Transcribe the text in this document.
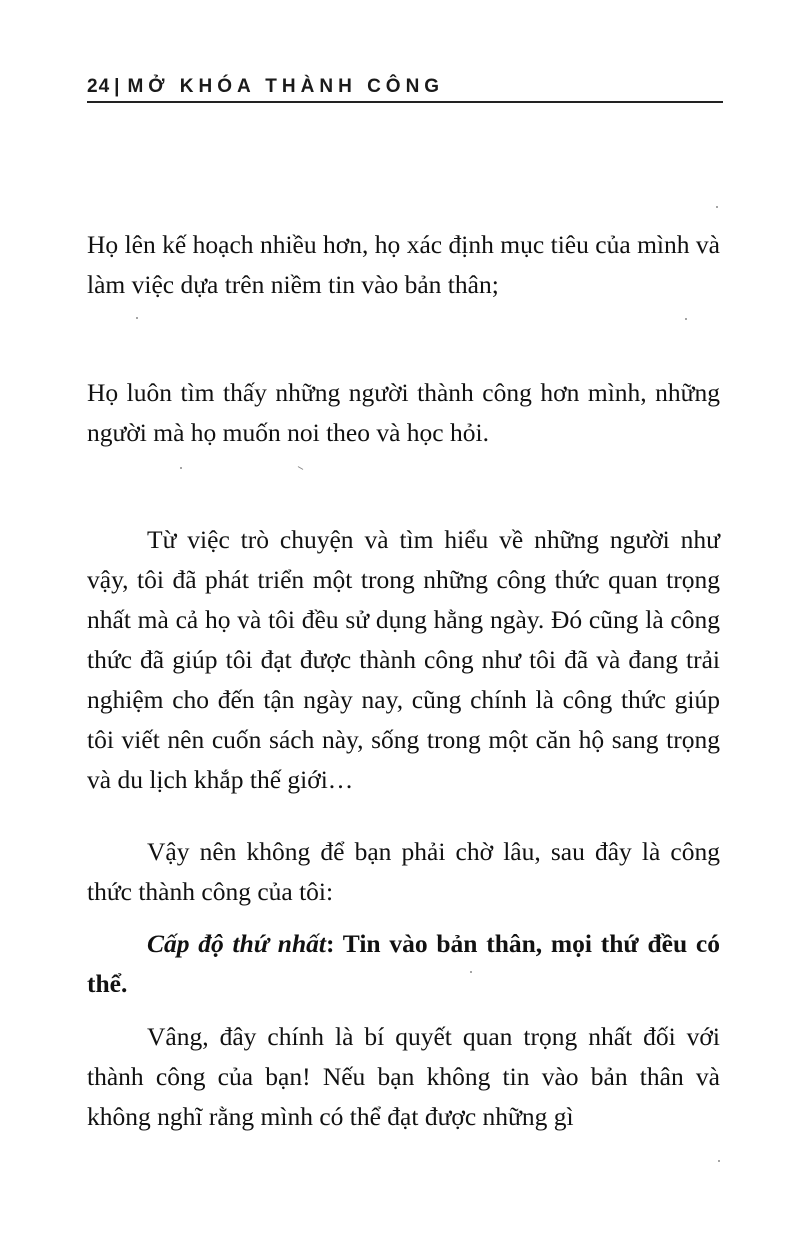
24 | MỞ KHÓA THÀNH CÔNG

Họ lên kế hoạch nhiều hơn, họ xác định mục tiêu của mình và làm việc dựa trên niềm tin vào bản thân;

Họ luôn tìm thấy những người thành công hơn mình, những người mà họ muốn noi theo và học hỏi.

Từ việc trò chuyện và tìm hiểu về những người như vậy, tôi đã phát triển một trong những công thức quan trọng nhất mà cả họ và tôi đều sử dụng hằng ngày. Đó cũng là công thức đã giúp tôi đạt được thành công như tôi đã và đang trải nghiệm cho đến tận ngày nay, cũng chính là công thức giúp tôi viết nên cuốn sách này, sống trong một căn hộ sang trọng và du lịch khắp thế giới…

Vậy nên không để bạn phải chờ lâu, sau đây là công thức thành công của tôi:

Cấp độ thứ nhất: Tin vào bản thân, mọi thứ đều có thể.

Vâng, đây chính là bí quyết quan trọng nhất đối với thành công của bạn! Nếu bạn không tin vào bản thân và không nghĩ rằng mình có thể đạt được những gì
